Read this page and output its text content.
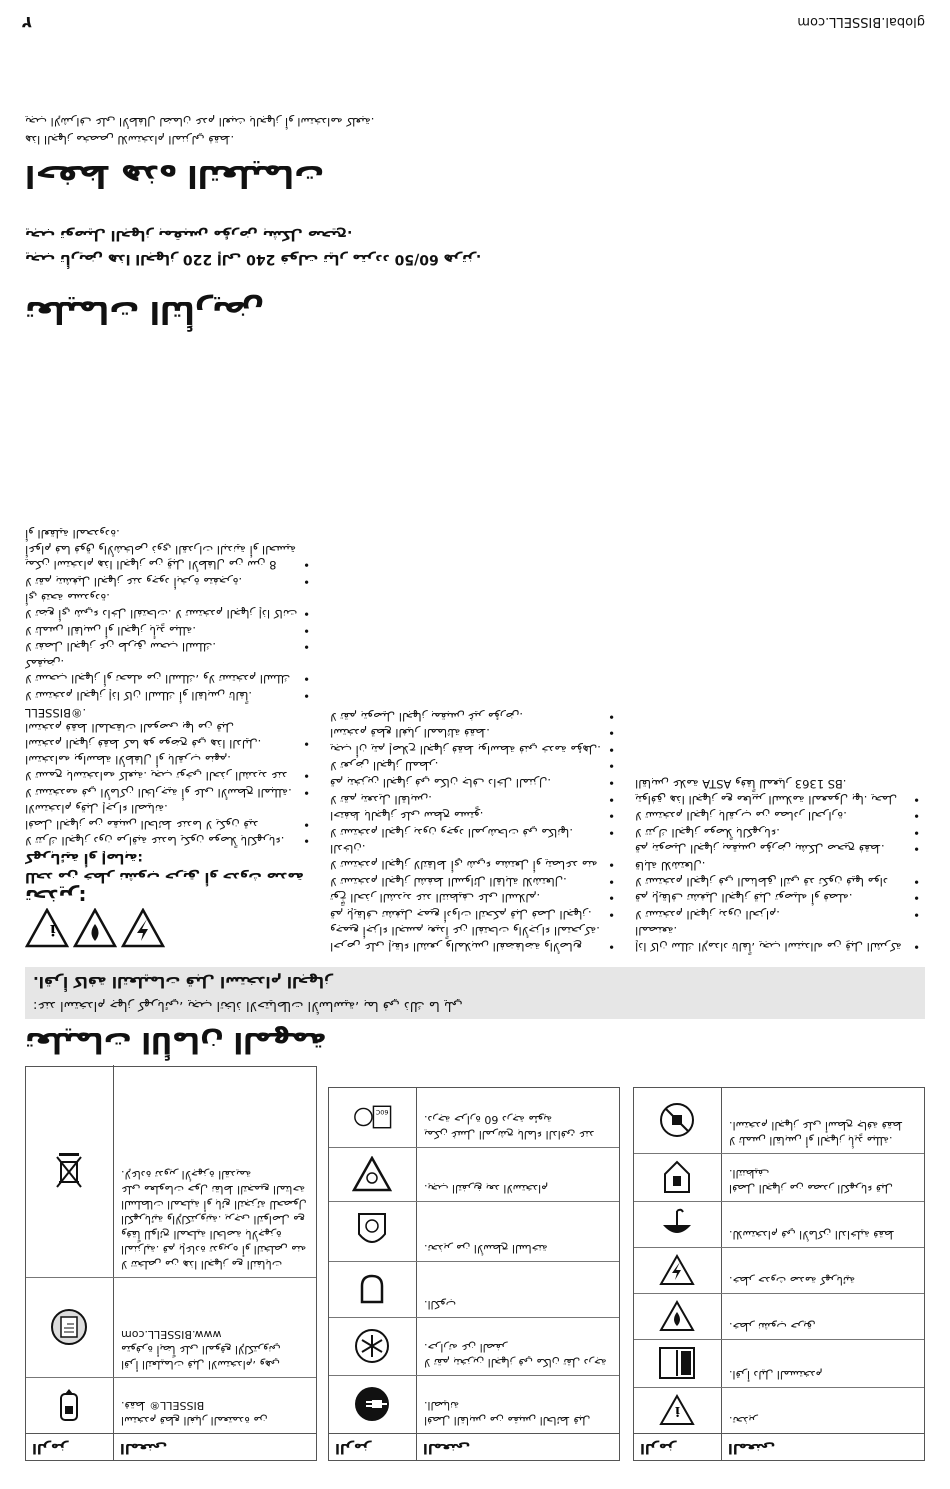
المعنى
الرمز
استخدم قطع الغيار المعتمدة من BISSELL® فقط.
اقرأ التعليمات قبل الاستخدام، وهي متوفرة أيضاً على الموقع الإلكتروني www.BISSELL.com
لا تتخلص من هذا الجهاز مع النفايات المنزلية. قم بإعادة تدويره أو التخلص منه وفقاً للوائح المحلية الخاصة بالأجهزة الكهربائية والإلكترونية. يرجى التواصل مع السلطات المحلية أو بائع التجزئة للحصول على معلومات حول نقاط التجميع المتاحة لإعادة تدوير الأجهزة القديمة.
المعنى
الرمز
افصل القابس من مقبس الحائط قبل الصيانة.
لا تقم بتخزين الجهاز في مكان تقل درجة حرارته عن الصفر.
الكوب.
تحذير من الأسطح الساخنة.
يجب التفريغ بعد الاستخدام.
يمكن غسل المرشح بالماء الدافئ عند درجة حرارة 60 درجة مئوية.
60C
المعنى
الرمز
تحذير.
i
اقرأ دليل المستخدم.
خطر نشوب حريق.
خطر حدوث صدمة كهربائية.
للاستخدام في الأماكن الداخلية فقط.
افصل الجهاز من مصدر الكهرباء قبل التنظيف.
لا تلمس القابس أو الجهاز بأيدٍ مبللة. استخدم الجهاز على أسطح جافة فقط.
تعليمات الأمان المهمة
عند استخدام جهاز كهربائي، يجب اتخاذ الاحتياطات الأساسية، بما في ذلك ما يلي:
اقرأ كافة التعليمات قبل استخدام الجهاز.
i
تحذير:
للحد من خطر نشوب حريق أو حدوث صدمة كهربائية أو إصابة:
• لا تترك الجهاز دون مراقبة عندما يكون موصلاً بالكهرباء.
• افصل الجهاز من مقبس الحائط عندما لا يكون قيد الاستخدام وقبل إجراء الصيانة.
• لا تستخدمه في الأماكن الخارجية أو على الأسطح المبللة.
• لا تسمح باستخدامه كلعبة. يجب توخي الحذر الشديد عند استخدامه بواسطة الأطفال أو بالقرب منهم.
• استخدم الجهاز فقط كما هو موضح في هذا الدليل. استخدم فقط الملحقات الموصى بها من قبل BISSELL®.
• لا تستخدم الجهاز إذا كان السلك أو القابس تالفاً.
• لا تسحب الجهاز أو تحمله من السلك، ولا تستخدم السلك كمقبض.
• لا تفصل الجهاز عن طريق سحب السلك.
• لا تلمس القابس أو الجهاز بأيدٍ مبللة.
• لا تضع أي شيء داخل الفتحات. لا تستخدم الجهاز إذا كانت أي فتحة مسدودة.
• لا تقم بتشغيل الجهاز عند وجود أبخرة متفجرة.
• يمكن استخدام هذا الجهاز من قِبل الأطفال من سن 8 أعوام فما فوق والأشخاص ذوي القدرات البدنية أو الحسية أو العقلية المحدودة.
• احرص على إبقاء الشعر والملابس الفضفاضة والأصابع وجميع أجزاء الجسم بعيداً عن الفتحات والأجزاء المتحركة.
• قم بإيقاف تشغيل جميع أدوات التحكم قبل فصل الجهاز.
• توخَّ الحذر الشديد عند التنظيف على السلالم.
• لا تستخدم الجهاز لشفط السوائل القابلة للاشتعال.
• لا تستخدم الجهاز لالتقاط أي شيء مشتعل أو يتصاعد منه الدخان.
• لا تستخدم الجهاز بدون وجود المرشحات في مكانها.
• احتفظ بالجهاز على سطح مستوٍ.
• لا تقم بتعديل القابس.
• قم بتخزين الجهاز في مكان جاف داخل المنزل.
• لا تعرض الجهاز للمطر.
• يجب أن يتم إصلاح الجهاز فقط بواسطة فني خدمة مؤهل.
• استخدم قطع الغيار المماثلة فقط.
• لا تقم بتوصيل الجهاز بمقبس غير مؤرض.
• إذا كان سلك الإمداد تالفاً، يجب استبداله من قِبل الشركة المصنعة.
• لا تستخدم الجهاز بدون الحزام.
• قم بإيقاف تشغيل الجهاز قبل توصيله أو فصله.
• لا تستخدم الجهاز في المناطق التي قد تكون فيها مواد قابلة للاشتعال.
• قم بتوصيل الجهاز بمقبس مؤرض بشكل صحيح فقط.
• لا تترك الجهاز موصلاً بالكهرباء.
• لا تستخدم الجهاز بالقرب من مصادر الحرارة.
• يتوافق هذا الجهاز مع معايير السلامة المعمول بها. يحمل القابس علامة ASTA وفقاً للمعيار BS 1363.
تعليمات التأريض
يجب تأريض هذا الجهاز 220 إلى 240 فولت تيار متردد 60/50 هرتز.
يجب توصيل الجهاز بمقبس مؤرض بشكل صحيح.
احفظ هذه التعليمات
هذا الجهاز مخصص للاستخدام المنزلي فقط.
يجب الإشراف على الأطفال لضمان عدم العبث بالجهاز أو استخدامه كلعبة.
global.BISSELL.com
٢
